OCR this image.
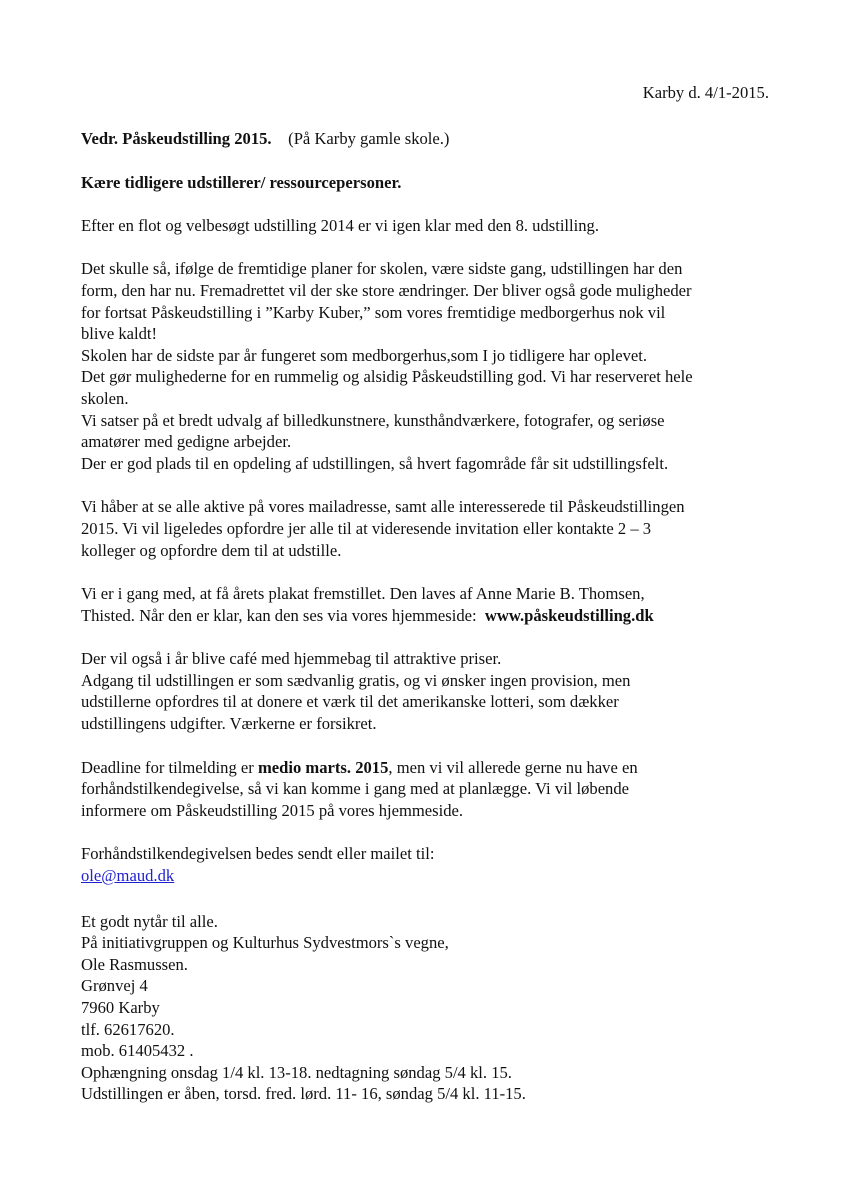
Karby d. 4/1-2015.

Vedr. Påskeudstilling 2015. (På Karby gamle skole.)

Kære tidligere udstillerer/ ressourcepersoner.

Efter en flot og velbesøgt udstilling 2014 er vi igen klar med den 8. udstilling.

Det skulle så, ifølge de fremtidige planer for skolen, være sidste gang, udstillingen har den

form, den har nu. Fremadrettet vil der ske store ændringer. Der bliver også gode muligheder

for fortsat Påskeudstilling i ”Karby Kuber,” som vores fremtidige medborgerhus nok vil

blive kaldt!

Skolen har de sidste par år fungeret som medborgerhus,som I jo tidligere har oplevet.

Det gør mulighederne for en rummelig og alsidig Påskeudstilling god. Vi har reserveret hele

skolen.

Vi satser på et bredt udvalg af billedkunstnere, kunsthåndværkere, fotografer, og seriøse

amatører med gedigne arbejder.

Der er god plads til en opdeling af udstillingen, så hvert fagområde får sit udstillingsfelt.

Vi håber at se alle aktive på vores mailadresse, samt alle interesserede til Påskeudstillingen

2015. Vi vil ligeledes opfordre jer alle til at videresende invitation eller kontakte 2 – 3

kolleger og opfordre dem til at udstille.

Vi er i gang med, at få årets plakat fremstillet. Den laves af Anne Marie B. Thomsen,

Thisted. Når den er klar, kan den ses via vores hjemmeside:  www.påskeudstilling.dk

Der vil også i år blive café med hjemmebag til attraktive priser.

Adgang til udstillingen er som sædvanlig gratis, og vi ønsker ingen provision, men

udstillerne opfordres til at donere et værk til det amerikanske lotteri, som dækker

udstillingens udgifter. Værkerne er forsikret.

Deadline for tilmelding er medio marts. 2015, men vi vil allerede gerne nu have en

forhåndstilkendegivelse, så vi kan komme i gang med at planlægge. Vi vil løbende

informere om Påskeudstilling 2015 på vores hjemmeside.

Forhåndstilkendegivelsen bedes sendt eller mailet til:

ole@maud.dk

Et godt nytår til alle.

På initiativgruppen og Kulturhus Sydvestmors`s vegne,

Ole Rasmussen.

Grønvej 4

7960 Karby

tlf. 62617620.

mob. 61405432 .

Ophængning onsdag 1/4 kl. 13-18. nedtagning søndag 5/4 kl. 15.

Udstillingen er åben, torsd. fred. lørd. 11- 16, søndag 5/4 kl. 11-15.
